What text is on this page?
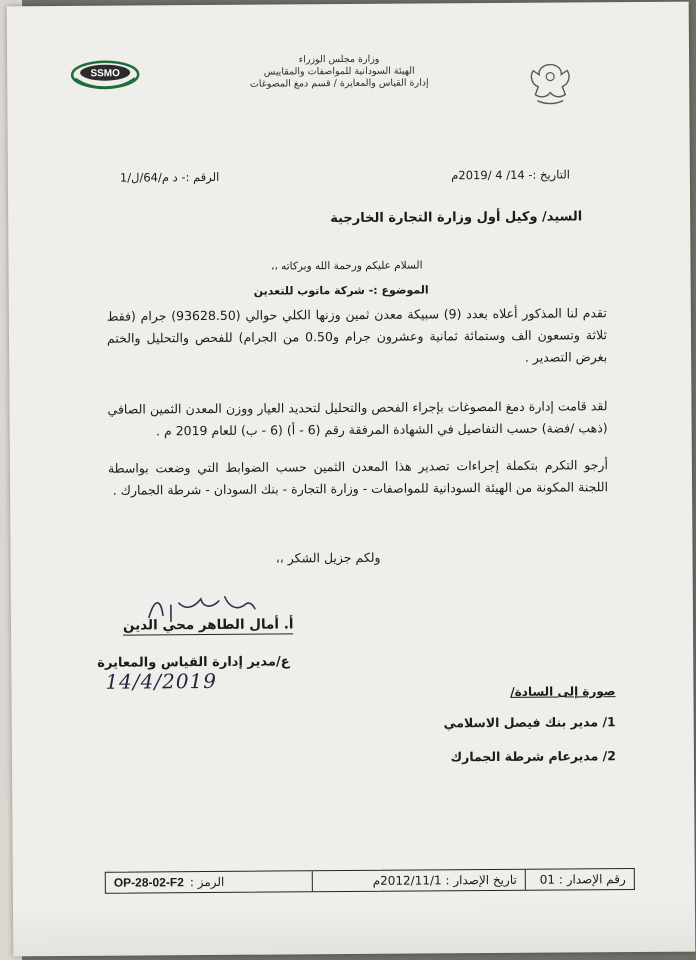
SSMO
وزارة مجلس الوزراء
الهيئة السودانية للمواصفات والمقاييس
إدارة القياس والمعايرة / قسم دمغ المصوغات
التاريخ :- 14/ 4 /2019م
الرقم :- د م/64/ل/1
السيد/ وكيل أول وزارة التجارة الخارجية
السلام عليكم ورحمة الله وبركاته ،،
الموضوع :- شركة ماتوب للتعدين
تقدم لنا المذكور أعلاه بعدد (9) سبيكة معدن ثمين وزنها الكلي حوالي (93628.50) جرام (فقط ثلاثة وتسعون الف وستمائة ثمانية وعشرون جرام و0.50 من الجرام) للفحص والتحليل والختم بغرض التصدير .
لقد قامت إدارة دمغ المصوغات بإجراء الفحص والتحليل لتحديد العيار ووزن المعدن الثمين الصافي (ذهب /فضة) حسب التفاصيل في الشهادة المرفقة رقم (6 - أ) (6 - ب) للعام 2019 م .
أرجو التكرم بتكملة إجراءات تصدير هذا المعدن الثمين حسب الضوابط التي وضعت بواسطة اللجنة المكونة من الهيئة السودانية للمواصفات - وزارة التجارة - بنك السودان - شرطة الجمارك .
ولكم جزيل الشكر ،،
أ. أمال الطاهر محي الدين
ع/مدير إدارة القياس والمعايرة
14/4/2019	صورة إلى السادة/
1/ مدير بنك فيصل الاسلامي
2/ مديرعام شرطة الجمارك
رقم الإصدار : 01
تاريخ الإصدار : 2012/11/1م
الرمز :
OP-28-02-F2
